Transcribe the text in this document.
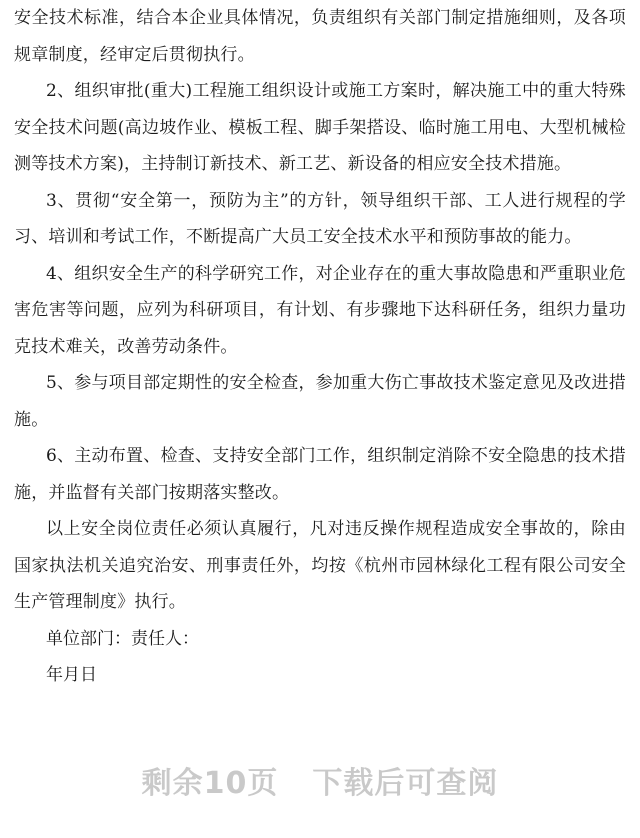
安全技术标准，结合本企业具体情况，负责组织有关部门制定措施细则，及各项规章制度，经审定后贯彻执行。

2、组织审批(重大)工程施工组织设计或施工方案时，解决施工中的重大特殊安全技术问题(高边坡作业、模板工程、脚手架搭设、临时施工用电、大型机械检测等技术方案)，主持制订新技术、新工艺、新设备的相应安全技术措施。

3、贯彻“安全第一，预防为主”的方针，领导组织干部、工人进行规程的学习、培训和考试工作，不断提高广大员工安全技术水平和预防事故的能力。

4、组织安全生产的科学研究工作，对企业存在的重大事故隐患和严重职业危害危害等问题，应列为科研项目，有计划、有步骤地下达科研任务，组织力量功克技术难关，改善劳动条件。

5、参与项目部定期性的安全检查，参加重大伤亡事故技术鉴定意见及改进措施。

6、主动布置、检查、支持安全部门工作，组织制定消除不安全隐患的技术措施，并监督有关部门按期落实整改。

以上安全岗位责任必须认真履行，凡对违反操作规程造成安全事故的，除由国家执法机关追究治安、刑事责任外，均按《杭州市园林绿化工程有限公司安全生产管理制度》执行。

单位部门：责任人：

年月日

剩余10页 下载后可查阅
